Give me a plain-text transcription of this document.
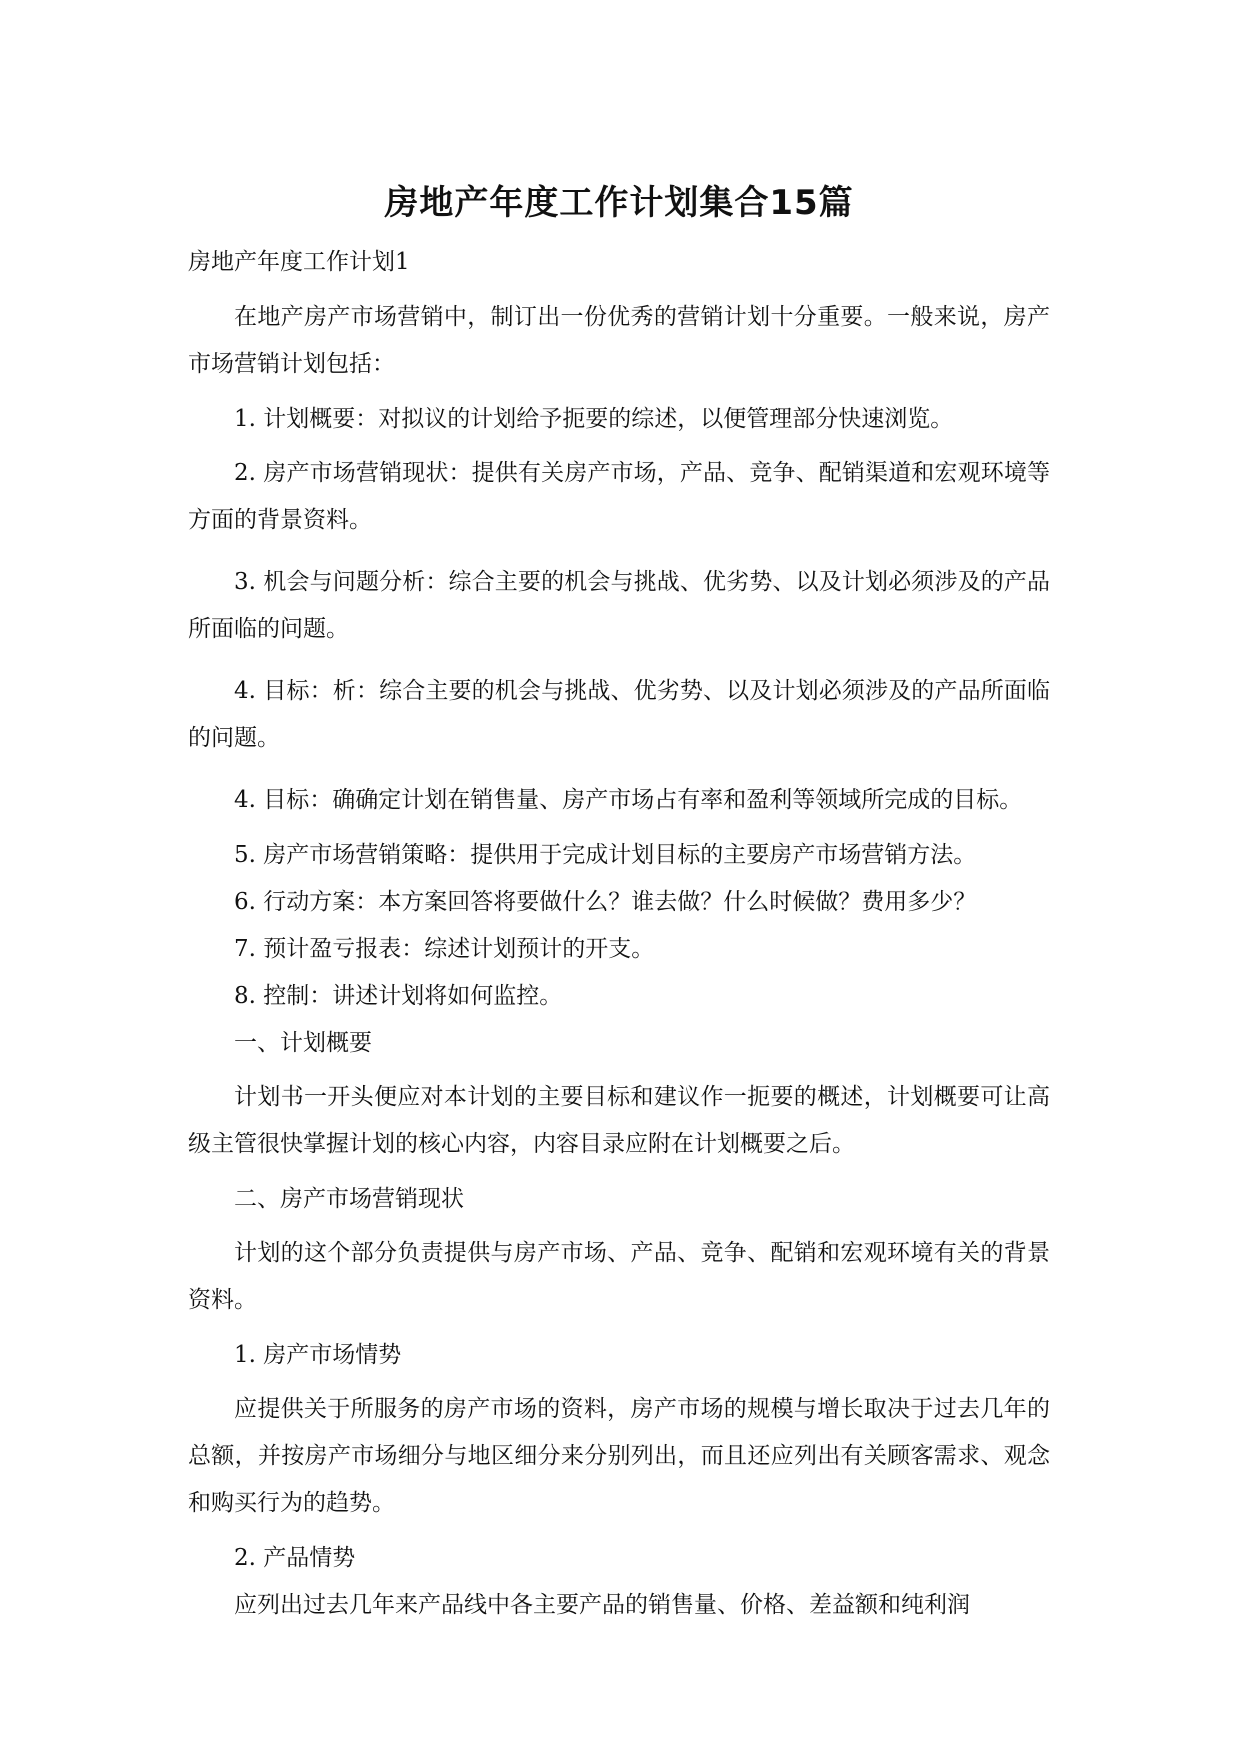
房地产年度工作计划集合15篇
房地产年度工作计划1

在地产房产市场营销中，制订出一份优秀的营销计划十分重要。一般来说，房产市场营销计划包括：

1. 计划概要：对拟议的计划给予扼要的综述，以便管理部分快速浏览。

2. 房产市场营销现状：提供有关房产市场，产品、竞争、配销渠道和宏观环境等方面的背景资料。

3. 机会与问题分析：综合主要的机会与挑战、优劣势、以及计划必须涉及的产品所面临的问题。

4. 目标：析：综合主要的机会与挑战、优劣势、以及计划必须涉及的产品所面临的问题。

4. 目标：确确定计划在销售量、房产市场占有率和盈利等领域所完成的目标。

5. 房产市场营销策略：提供用于完成计划目标的主要房产市场营销方法。

6. 行动方案：本方案回答将要做什么？谁去做？什么时候做？费用多少？

7. 预计盈亏报表：综述计划预计的开支。

8. 控制：讲述计划将如何监控。

一、计划概要

计划书一开头便应对本计划的主要目标和建议作一扼要的概述，计划概要可让高级主管很快掌握计划的核心内容，内容目录应附在计划概要之后。

二、房产市场营销现状

计划的这个部分负责提供与房产市场、产品、竞争、配销和宏观环境有关的背景资料。

1. 房产市场情势

应提供关于所服务的房产市场的资料，房产市场的规模与增长取决于过去几年的总额，并按房产市场细分与地区细分来分别列出，而且还应列出有关顾客需求、观念和购买行为的趋势。

2. 产品情势

应列出过去几年来产品线中各主要产品的销售量、价格、差益额和纯利润
